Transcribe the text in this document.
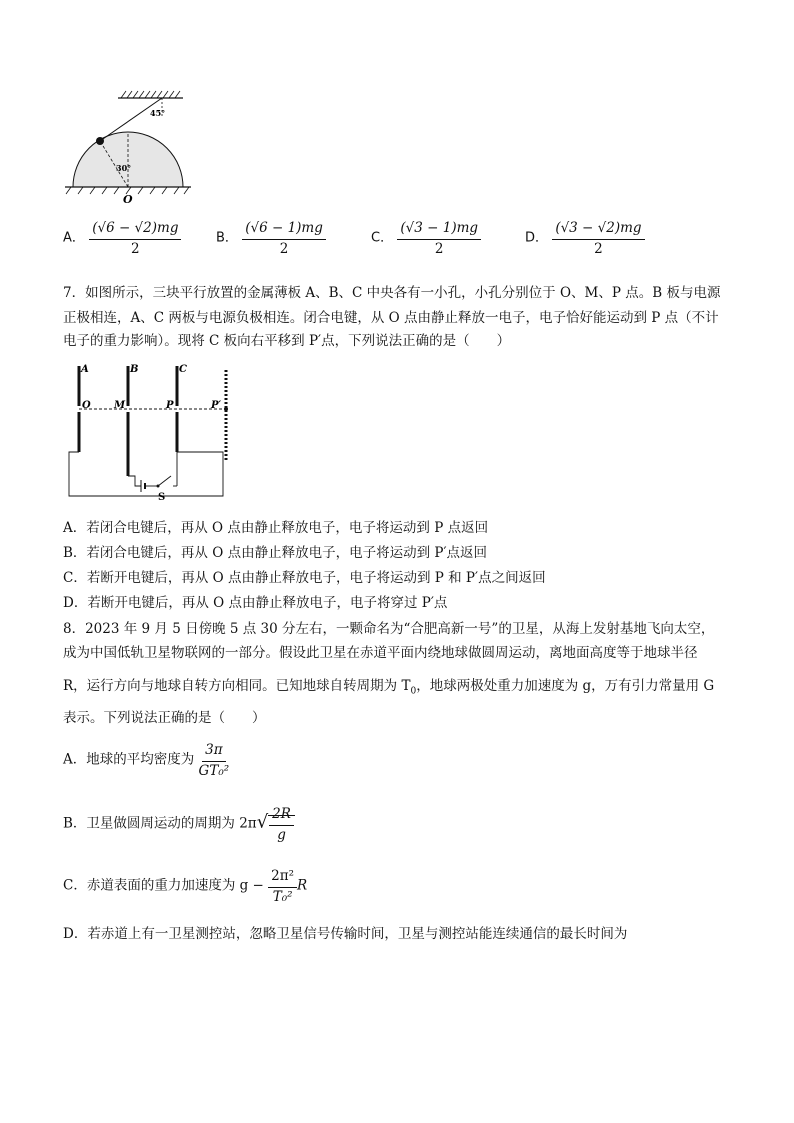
45°
30°
O
A． $\frac{(√6 - √2)mg}{2}$	B． $\frac{(√6 - 1)mg}{2}$	C． $\frac{(√3 - 1)mg}{2}$	D． $\frac{(√3 - √2)mg}{2}$
7．如图所示，三块平行放置的金属薄板 A、B、C 中央各有一小孔，小孔分别位于 O、M、P 点。B 板与电源
正极相连，A、C 两板与电源负极相连。闭合电键，从 O 点由静止释放一电子，电子恰好能运动到 P 点（不计
电子的重力影响）。现将 C 板向右平移到 P′点，下列说法正确的是（　　）
A	B	C
O M	P	P′
S
A．若闭合电键后，再从 O 点由静止释放电子，电子将运动到 P 点返回
B．若闭合电键后，再从 O 点由静止释放电子，电子将运动到 P′点返回
C．若断开电键后，再从 O 点由静止释放电子，电子将运动到 P 和 P′点之间返回
D．若断开电键后，再从 O 点由静止释放电子，电子将穿过 P′点
8．2023 年 9 月 5 日傍晚 5 点 30 分左右，一颗命名为“合肥高新一号”的卫星，从海上发射基地飞向太空，
成为中国低轨卫星物联网的一部分。假设此卫星在赤道平面内绕地球做圆周运动，离地面高度等于地球半径
R，运行方向与地球自转方向相同。已知地球自转周期为 $T_0$，地球两极处重力加速度为 g，万有引力常量用 G
表示。下列说法正确的是（　　）
A．地球的平均密度为 $\frac{3\pi}{\text{GT₀²}}$
B．卫星做圆周运动的周期为 $2\pi√ \frac{2R}{g}$
C．赤道表面的重力加速度为 $g - \frac{\text{2π²}}{\text{T₀²}}$ R
D．若赤道上有一卫星测控站，忽略卫星信号传输时间，卫星与测控站能连续通信的最长时间为
